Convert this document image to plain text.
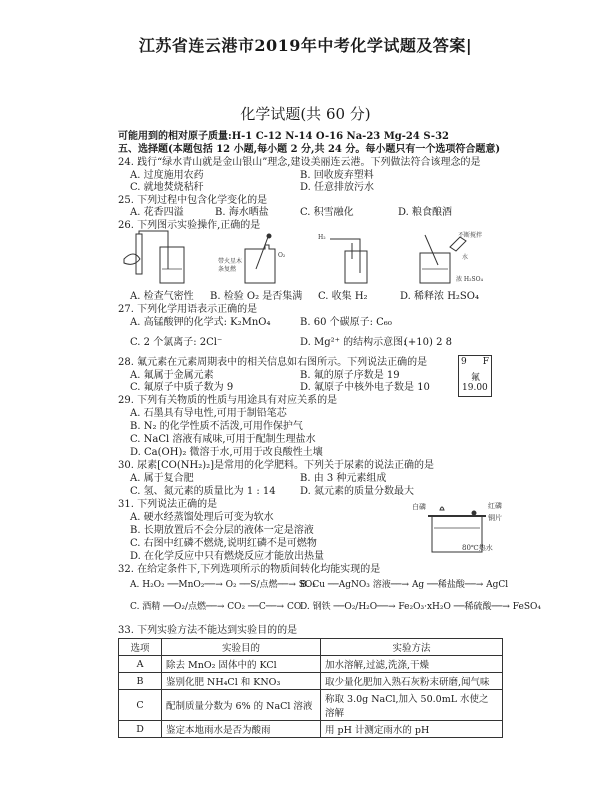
江苏省连云港市2019年中考化学试题及答案|
化学试题(共 60 分)
可能用到的相对原子质量:H-1 C-12 N-14 O-16 Na-23 Mg-24 S-32
五、选择题(本题包括 12 小题,每小题 2 分,共 24 分。每小题只有一个选项符合题意)
24. 践行“绿水青山就是金山银山”理念,建设美丽连云港。下列做法符合该理念的是
A. 过度施用农药	B. 回收废弃塑料
C. 就地焚烧秸秆	D. 任意排放污水
25. 下列过程中包含化学变化的是
A. 花香四溢	B. 海水晒盐	C. 积雪融化	D. 粮食酿酒
26. 下列图示实验操作,正确的是
带火星木
条复燃
O₂
H₂	不断搅拌
水
浓 H₂SO₄
A. 检查气密性 B. 检验 O₂ 是否集满 C. 收集 H₂	D. 稀释浓 H₂SO₄
27. 下列化学用语表示正确的是
A. 高锰酸钾的化学式: K₂MnO₄	B. 60 个碳原子: C₆₀
C. 2 个氯离子: 2Cl⁻	D. Mg²⁺ 的结构示意图:
(+10) 2 8
28. 氟元素在元素周期表中的相关信息如右图所示。下列说法正确的是
A. 氟属于金属元素	B. 氟的原子序数是 19
C. 氟原子中质子数为 9	D. 氟原子中核外电子数是 10
9 F
氟
19.00
29. 下列有关物质的性质与用途具有对应关系的是
A. 石墨具有导电性,可用于制铅笔芯
B. N₂ 的化学性质不活泼,可用作保护气
C. NaCl 溶液有咸味,可用于配制生理盐水
D. Ca(OH)₂ 微溶于水,可用于改良酸性土壤
30. 尿素[CO(NH₂)₂]是常用的化学肥料。下列关于尿素的说法正确的是
A. 属于复合肥	B. 由 3 种元素组成
C. 氢、氮元素的质量比为 1 : 14 D. 氮元素的质量分数最大
31. 下列说法正确的是
A. 硬水经蒸馏处理后可变为软水
B. 长期放置后不会分层的液体一定是溶液
C. 右图中红磷不燃烧,说明红磷不是可燃物
D. 在化学反应中只有燃烧反应才能放出热量
白磷	红磷
铜片
80℃热水
32. 在给定条件下,下列选项所示的物质间转化均能实现的是
A. H₂O₂ ──MnO₂──→ O₂ ──S/点燃──→ SO₂
B. Cu ──AgNO₃ 溶液──→ Ag ──稀盐酸──→ AgCl
C. 酒精 ──O₂/点燃──→ CO₂ ──C──→ CO
D. 钢铁 ──O₂/H₂O──→ Fe₂O₃·xH₂O ──稀硫酸──→ FeSO₄
33. 下列实验方法不能达到实验目的的是
选项	实验目的	实验方法
A	除去 MnO₂ 固体中的 KCl	加水溶解,过滤,洗涤,干燥
B	鉴别化肥 NH₄Cl 和 KNO₃	取少量化肥加入熟石灰粉末研磨,闻气味
C	配制质量分数为 6% 的 NaCl 溶液	称取 3.0g NaCl,加入 50.0mL 水使之溶解
D	鉴定本地雨水是否为酸雨	用 pH 计测定雨水的 pH
